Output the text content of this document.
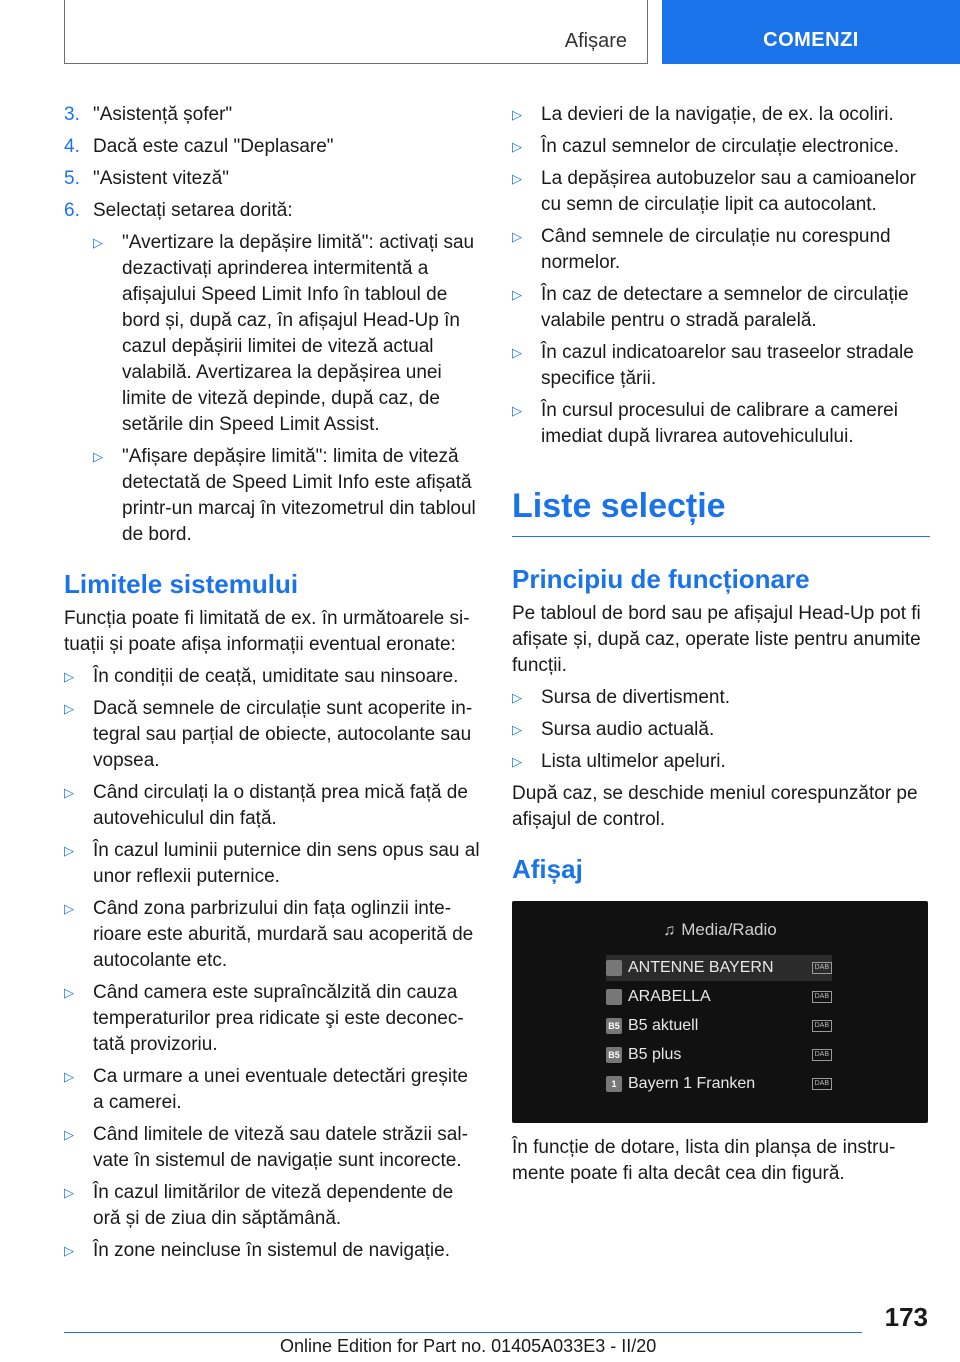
Afișare	COMENZI
3. "Asistență șofer"
4. Dacă este cazul "Deplasare"
5. "Asistent viteză"
6. Selectați setarea dorită:
▷	"Avertizare la depășire limită": activați sau dezactivați aprinderea intermitentă a afișajului Speed Limit Info în tabloul de bord și, după caz, în afișajul Head-Up în cazul depășirii limitei de viteză actual valabilă. Avertizarea la depășirea unei limite de viteză depinde, după caz, de setările din Speed Limit Assist.
▷	"Afișare depășire limită": limita de viteză detectată de Speed Limit Info este afișată printr-un marcaj în vitezometrul din tabloul de bord.
Limitele sistemului

Funcția poate fi limitată de ex. în următoarele situații și poate afișa informații eventual eronate:

▷	În condiții de ceață, umiditate sau ninsoare.
▷	Dacă semnele de circulație sunt acoperite integral sau parțial de obiecte, autocolante sau vopsea.
▷	Când circulați la o distanță prea mică față de autovehiculul din față.
▷	În cazul luminii puternice din sens opus sau al unor reflexii puternice.
▷	Când zona parbrizului din fața oglinzii interioare este aburită, murdară sau acoperită de autocolante etc.
▷	Când camera este supraîncălzită din cauza temperaturilor prea ridicate şi este deconectată provizoriu.
▷	Ca urmare a unei eventuale detectări greșite a camerei.
▷	Când limitele de viteză sau datele străzii salvate în sistemul de navigație sunt incorecte.
▷	În cazul limitărilor de viteză dependente de oră și de ziua din săptămână.
▷	În zone neincluse în sistemul de navigație.
▷	La devieri de la navigație, de ex. la ocoliri.
▷	În cazul semnelor de circulație electronice.
▷	La depășirea autobuzelor sau a camioanelor cu semn de circulație lipit ca autocolant.
▷	Când semnele de circulație nu corespund normelor.
▷	În caz de detectare a semnelor de circulație valabile pentru o stradă paralelă.
▷	În cazul indicatoarelor sau traseelor stradale specifice țării.
▷	În cursul procesului de calibrare a camerei imediat după livrarea autovehiculului.
Liste selecție
Principiu de funcționare

Pe tabloul de bord sau pe afișajul Head-Up pot fi afișate și, după caz, operate liste pentru anumite funcții.

▷	Sursa de divertisment.
▷	Sursa audio actuală.
▷	Lista ultimelor apeluri.

După caz, se deschide meniul corespunzător pe afișajul de control.

Afișaj
♫ Media/Radio
ANTENNE BAYERN	DAB
ARABELLA	DAB
B5 B5 aktuell	DAB
B5 B5 plus	DAB
1 Bayern 1 Franken	DAB

În funcție de dotare, lista din planșa de instrumente poate fi alta decât cea din figură.

173
Online Edition for Part no. 01405A033E3 - II/20
